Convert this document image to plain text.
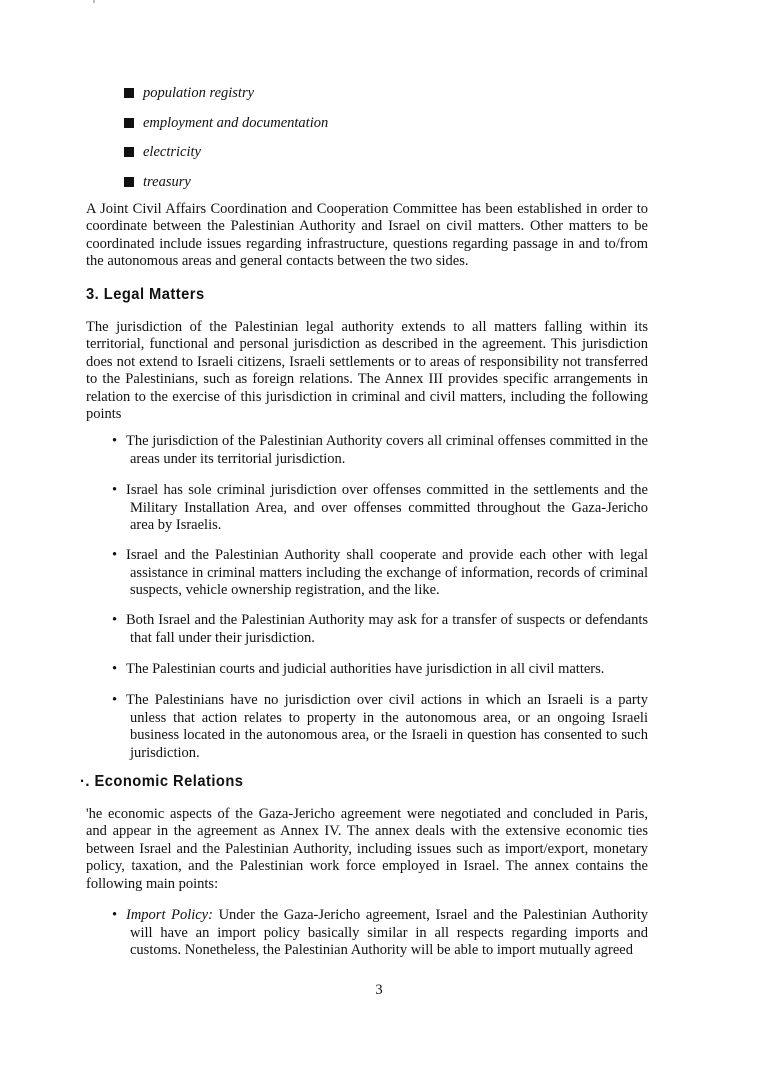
population registry
employment and documentation
electricity
treasury

A Joint Civil Affairs Coordination and Cooperation Committee has been established in order to coordinate between the Palestinian Authority and Israel on civil matters. Other matters to be coordinated include issues regarding infrastructure, questions regarding passage in and to/from the autonomous areas and general contacts between the two sides.

3. Legal Matters

The jurisdiction of the Palestinian legal authority extends to all matters falling within its territorial, functional and personal jurisdiction as described in the agreement. This jurisdiction does not extend to Israeli citizens, Israeli settlements or to areas of responsibility not transferred to the Palestinians, such as foreign relations. The Annex III provides specific arrangements in relation to the exercise of this jurisdiction in criminal and civil matters, including the following points

• The jurisdiction of the Palestinian Authority covers all criminal offenses committed in the areas under its territorial jurisdiction.
• Israel has sole criminal jurisdiction over offenses committed in the settlements and the Military Installation Area, and over offenses committed throughout the Gaza-Jericho area by Israelis.
• Israel and the Palestinian Authority shall cooperate and provide each other with legal assistance in criminal matters including the exchange of information, records of criminal suspects, vehicle ownership registration, and the like.
• Both Israel and the Palestinian Authority may ask for a transfer of suspects or defendants that fall under their jurisdiction.
• The Palestinian courts and judicial authorities have jurisdiction in all civil matters.
• The Palestinians have no jurisdiction over civil actions in which an Israeli is a party unless that action relates to property in the autonomous area, or an ongoing Israeli business located in the autonomous area, or the Israeli in question has consented to such jurisdiction.
·. Economic Relations

'he economic aspects of the Gaza-Jericho agreement were negotiated and concluded in Paris, and appear in the agreement as Annex IV. The annex deals with the extensive economic ties between Israel and the Palestinian Authority, including issues such as import/export, monetary policy, taxation, and the Palestinian work force employed in Israel. The annex contains the following main points:

• Import Policy: Under the Gaza-Jericho agreement, Israel and the Palestinian Authority will have an import policy basically similar in all respects regarding imports and customs. Nonetheless, the Palestinian Authority will be able to import mutually agreed
3
